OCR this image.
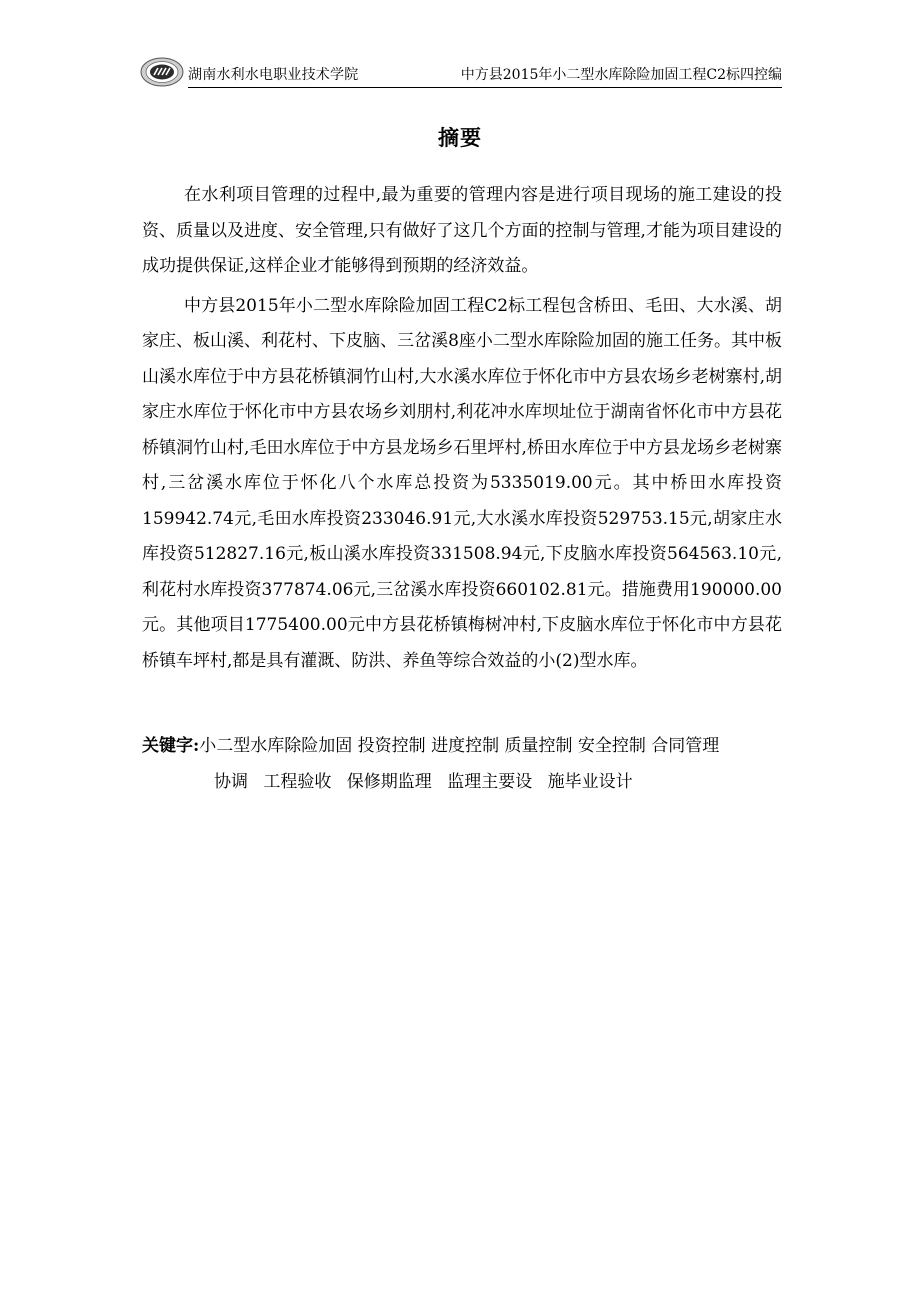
湖南水利水电职业技术学院	中方县2015年小二型水库除险加固工程C2标四控编
摘要

在水利项目管理的过程中,最为重要的管理内容是进行项目现场的施工建设的投资、质量以及进度、安全管理,只有做好了这几个方面的控制与管理,才能为项目建设的成功提供保证,这样企业才能够得到预期的经济效益。

中方县2015年小二型水库除险加固工程C2标工程包含桥田、毛田、大水溪、胡家庄、板山溪、利花村、下皮脑、三岔溪8座小二型水库除险加固的施工任务。其中板山溪水库位于中方县花桥镇洞竹山村,大水溪水库位于怀化市中方县农场乡老树寨村,胡家庄水库位于怀化市中方县农场乡刘朋村,利花冲水库坝址位于湖南省怀化市中方县花桥镇洞竹山村,毛田水库位于中方县龙场乡石里坪村,桥田水库位于中方县龙场乡老树寨村,三岔溪水库位于怀化八个水库总投资为5335019.00元。其中桥田水库投资159942.74元,毛田水库投资233046.91元,大水溪水库投资529753.15元,胡家庄水库投资512827.16元,板山溪水库投资331508.94元,下皮脑水库投资564563.10元,利花村水库投资377874.06元,三岔溪水库投资660102.81元。措施费用190000.00元。其他项目1775400.00元中方县花桥镇梅树冲村,下皮脑水库位于怀化市中方县花桥镇车坪村,都是具有灌溉、防洪、养鱼等综合效益的小(2)型水库。

关键字:小二型水库除险加固 投资控制 进度控制 质量控制 安全控制 合同管理
协调 工程验收 保修期监理 监理主要设 施毕业设计
